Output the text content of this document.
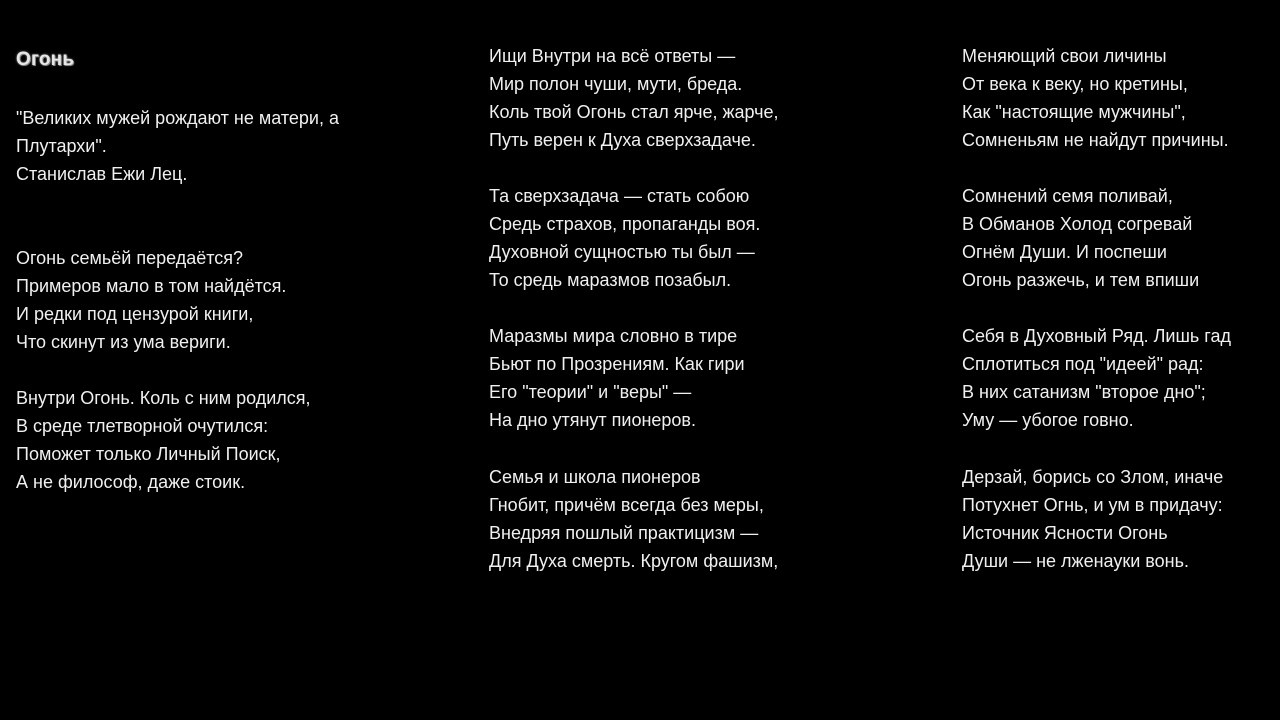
Огонь
"Великих мужей рождают не матери, а
Плутархи".
Станислав Ежи Лец.
Огонь семьёй передаётся?
Примеров мало в том найдётся.
И редки под цензурой книги,
Что скинут из ума вериги.
Внутри Огонь. Коль с ним родился,
В среде тлетворной очутился:
Поможет только Личный Поиск,
А не философ, даже стоик.
Ищи Внутри на всё ответы —
Мир полон чуши, мути, бреда.
Коль твой Огонь стал ярче, жарче,
Путь верен к Духа сверхзадаче.
Та сверхзадача — стать собою
Средь страхов, пропаганды воя.
Духовной сущностью ты был —
То средь маразмов позабыл.
Маразмы мира словно в тире
Бьют по Прозрениям. Как гири
Его "теории" и "веры" —
На дно утянут пионеров.
Семья и школа пионеров
Гнобит, причём всегда без меры,
Внедряя пошлый практицизм —
Для Духа смерть. Кругом фашизм,
Меняющий свои личины
От века к веку, но кретины,
Как "настоящие мужчины",
Сомненьям не найдут причины.
Сомнений семя поливай,
В Обманов Холод согревай
Огнём Души. И поспеши
Огонь разжечь, и тем впиши
Себя в Духовный Ряд. Лишь гад
Сплотиться под "идеей" рад:
В них сатанизм "второе дно";
Уму — убогое говно.
Дерзай, борись со Злом, иначе
Потухнет Огнь, и ум в придачу:
Источник Ясности Огонь
Души — не лженауки вонь.
